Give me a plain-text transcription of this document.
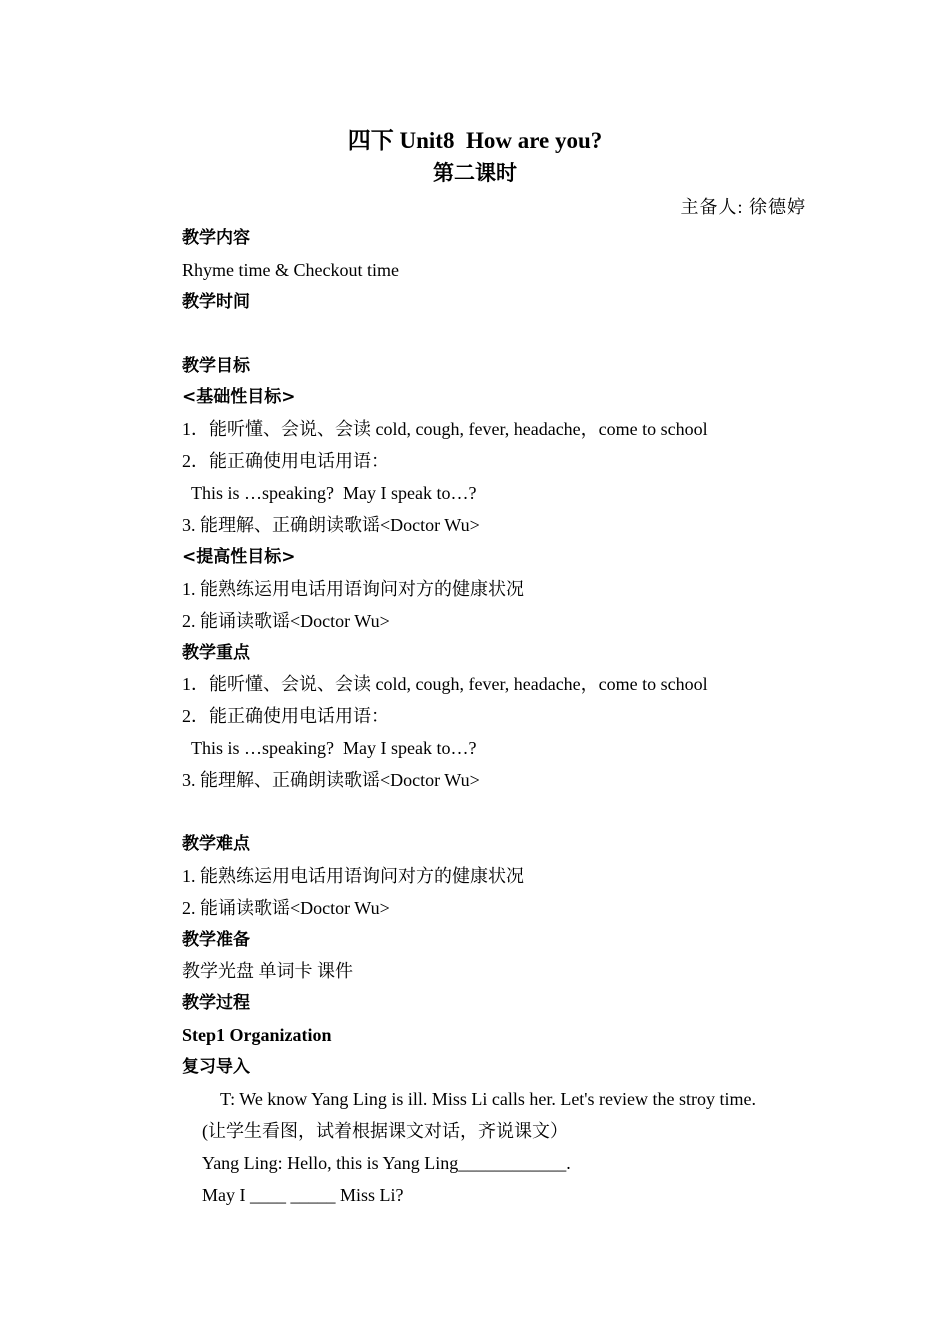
四下 Unit8  How are you?
第二课时
主备人: 徐德婷
教学内容
Rhyme time & Checkout time
教学时间
教学目标
<基础性目标>
1．能听懂、会说、会读 cold, cough, fever, headache，come to school
2．能正确使用电话用语：
This is …speaking?  May I speak to…?
3. 能理解、正确朗读歌谣<Doctor Wu>
<提高性目标>
1. 能熟练运用电话用语询问对方的健康状况
2. 能诵读歌谣<Doctor Wu>
教学重点
1．能听懂、会说、会读 cold, cough, fever, headache，come to school
2．能正确使用电话用语：
This is …speaking?  May I speak to…?
3. 能理解、正确朗读歌谣<Doctor Wu>
教学难点
1. 能熟练运用电话用语询问对方的健康状况
2. 能诵读歌谣<Doctor Wu>
教学准备
教学光盘 单词卡 课件
教学过程
Step1 Organization
复习导入
T: We know Yang Ling is ill. Miss Li calls her. Let's review the stroy time.
(让学生看图，试着根据课文对话，齐说课文）
Yang Ling: Hello, this is Yang Ling____________.
May I ____ _____ Miss Li?
